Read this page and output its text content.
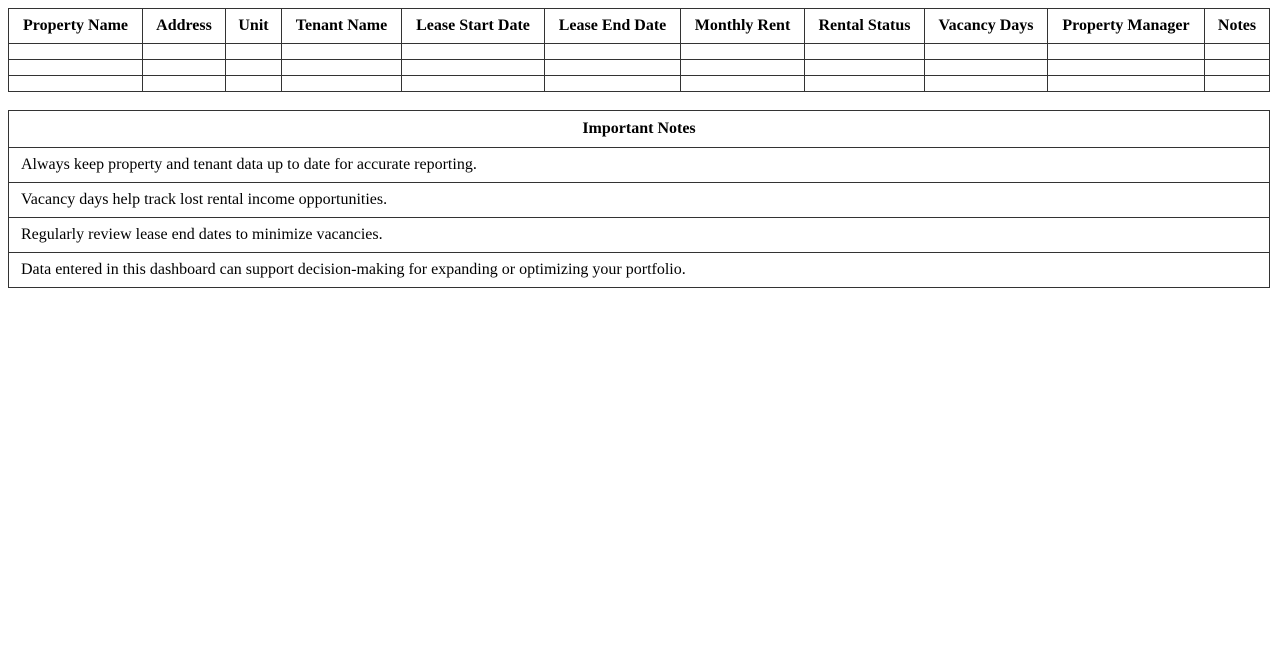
Property Name	Address	Unit	Tenant Name	Lease Start Date	Lease End Date	Monthly Rent	Rental Status	Vacancy Days	Property Manager	Notes

Important Notes
Always keep property and tenant data up to date for accurate reporting.
Vacancy days help track lost rental income opportunities.
Regularly review lease end dates to minimize vacancies.
Data entered in this dashboard can support decision-making for expanding or optimizing your portfolio.
